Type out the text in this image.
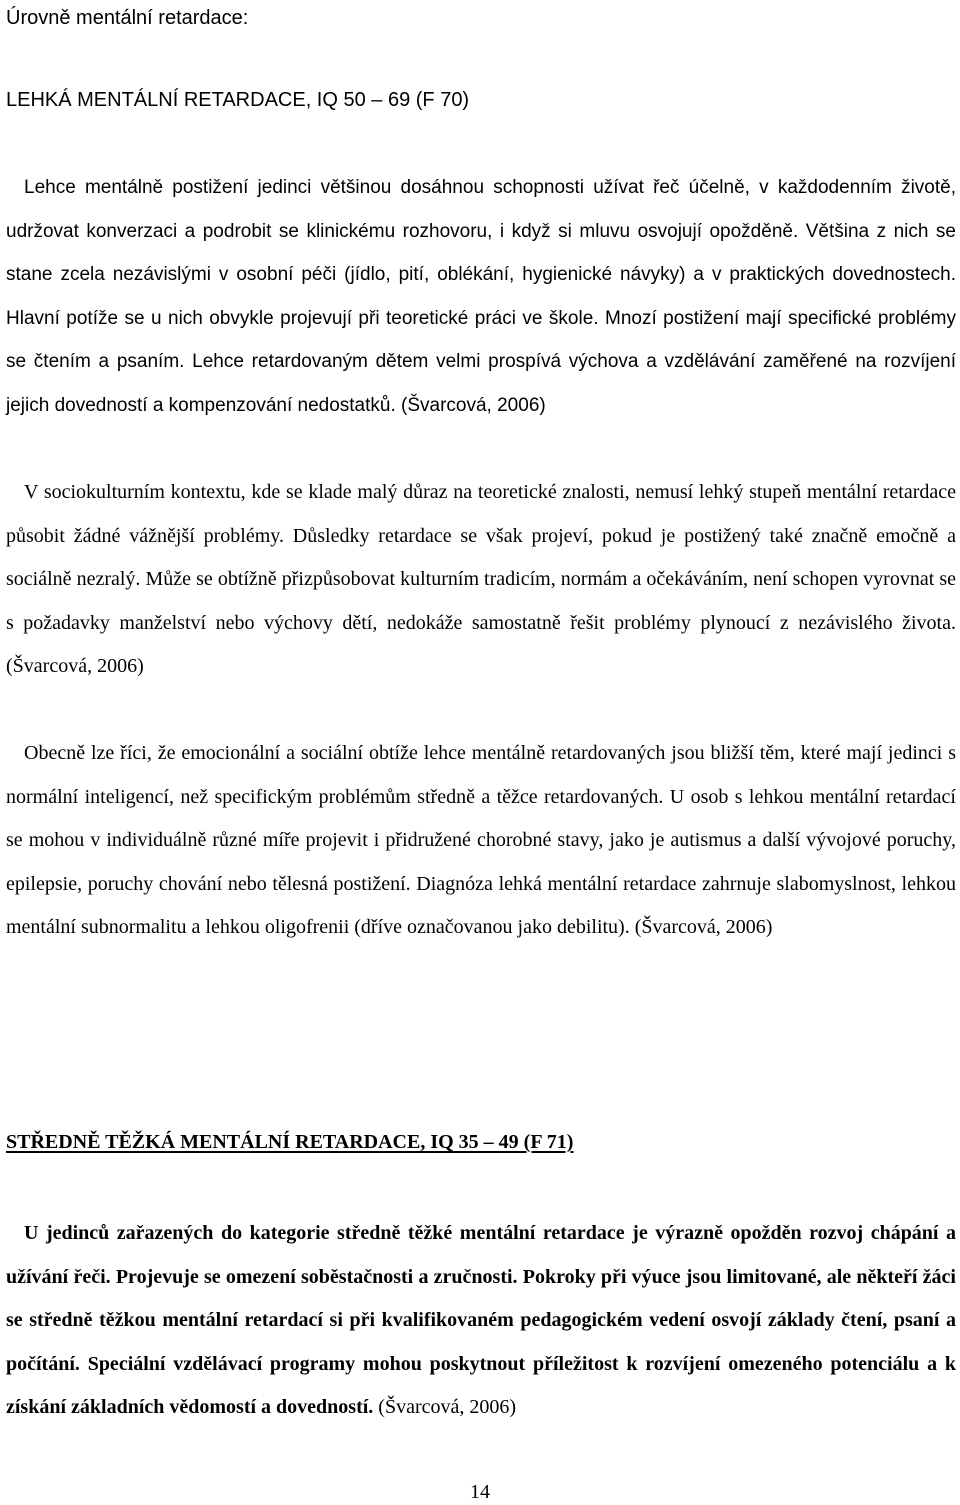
Úrovně mentální retardace:
LEHKÁ MENTÁLNÍ RETARDACE, IQ 50 – 69 (F 70)

Lehce mentálně postižení jedinci většinou dosáhnou schopnosti užívat řeč účelně, v každodenním životě, udržovat konverzaci a podrobit se klinickému rozhovoru, i když si mluvu osvojují opožděně. Většina z nich se stane zcela nezávislými v osobní péči (jídlo, pití, oblékání, hygienické návyky) a v praktických dovednostech. Hlavní potíže se u nich obvykle projevují při teoretické práci ve škole. Mnozí postižení mají specifické problémy se čtením a psaním. Lehce retardovaným dětem velmi prospívá výchova a vzdělávání zaměřené na rozvíjení jejich dovedností a kompenzování nedostatků. (Švarcová, 2006)

V sociokulturním kontextu, kde se klade malý důraz na teoretické znalosti, nemusí lehký stupeň mentální retardace působit žádné vážnější problémy. Důsledky retardace se však projeví, pokud je postižený také značně emočně a sociálně nezralý. Může se obtížně přizpůsobovat kulturním tradicím, normám a očekáváním, není schopen vyrovnat se s požadavky manželství nebo výchovy dětí, nedokáže samostatně řešit problémy plynoucí z nezávislého života. (Švarcová, 2006)

Obecně lze říci, že emocionální a sociální obtíže lehce mentálně retardovaných jsou bližší těm, které mají jedinci s normální inteligencí, než specifickým problémům středně a těžce retardovaných. U osob s lehkou mentální retardací se mohou v individuálně různé míře projevit i přidružené chorobné stavy, jako je autismus a další vývojové poruchy, epilepsie, poruchy chování nebo tělesná postižení. Diagnóza lehká mentální retardace zahrnuje slabomyslnost, lehkou mentální subnormalitu a lehkou oligofrenii (dříve označovanou jako debilitu). (Švarcová, 2006)

STŘEDNĚ TĚŽKÁ MENTÁLNÍ RETARDACE, IQ 35 – 49 (F 71)

U jedinců zařazených do kategorie středně těžké mentální retardace je výrazně opožděn rozvoj chápání a užívání řeči. Projevuje se omezení soběstačnosti a zručnosti. Pokroky při výuce jsou limitované, ale někteří žáci se středně těžkou mentální retardací si při kvalifikovaném pedagogickém vedení osvojí základy čtení, psaní a počítání. Speciální vzdělávací programy mohou poskytnout příležitost k rozvíjení omezeného potenciálu a k získání základních vědomostí a dovedností. (Švarcová, 2006)

14
